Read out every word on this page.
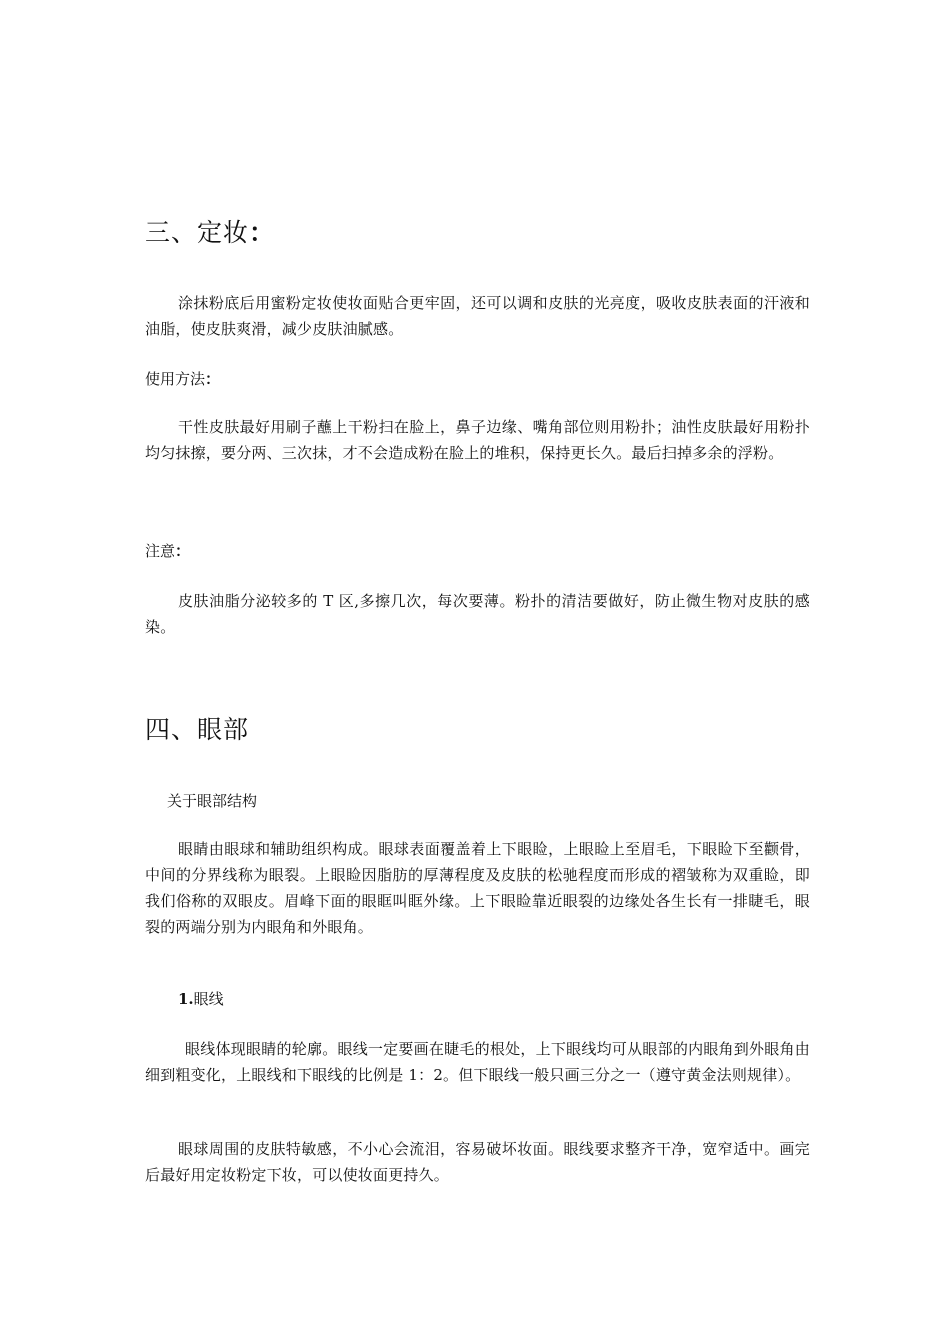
三、定妆：

涂抹粉底后用蜜粉定妆使妆面贴合更牢固，还可以调和皮肤的光亮度，吸收皮肤表面的汗液和油脂，使皮肤爽滑，减少皮肤油腻感。

使用方法：

干性皮肤最好用刷子蘸上干粉扫在脸上，鼻子边缘、嘴角部位则用粉扑；油性皮肤最好用粉扑均匀抹擦，要分两、三次抹，才不会造成粉在脸上的堆积，保持更长久。最后扫掉多余的浮粉。

注意：

皮肤油脂分泌较多的 T 区,多擦几次，每次要薄。粉扑的清洁要做好，防止微生物对皮肤的感染。

四、眼部

关于眼部结构

眼睛由眼球和辅助组织构成。眼球表面覆盖着上下眼睑，上眼睑上至眉毛，下眼睑下至颧骨，中间的分界线称为眼裂。上眼睑因脂肪的厚薄程度及皮肤的松驰程度而形成的褶皱称为双重睑，即我们俗称的双眼皮。眉峰下面的眼眶叫眶外缘。上下眼睑靠近眼裂的边缘处各生长有一排睫毛，眼裂的两端分别为内眼角和外眼角。

1.眼线

眼线体现眼睛的轮廓。眼线一定要画在睫毛的根处，上下眼线均可从眼部的内眼角到外眼角由细到粗变化，上眼线和下眼线的比例是 1：2。但下眼线一般只画三分之一（遵守黄金法则规律）。

眼球周围的皮肤特敏感，不小心会流泪，容易破坏妆面。眼线要求整齐干净，宽窄适中。画完后最好用定妆粉定下妆，可以使妆面更持久。
